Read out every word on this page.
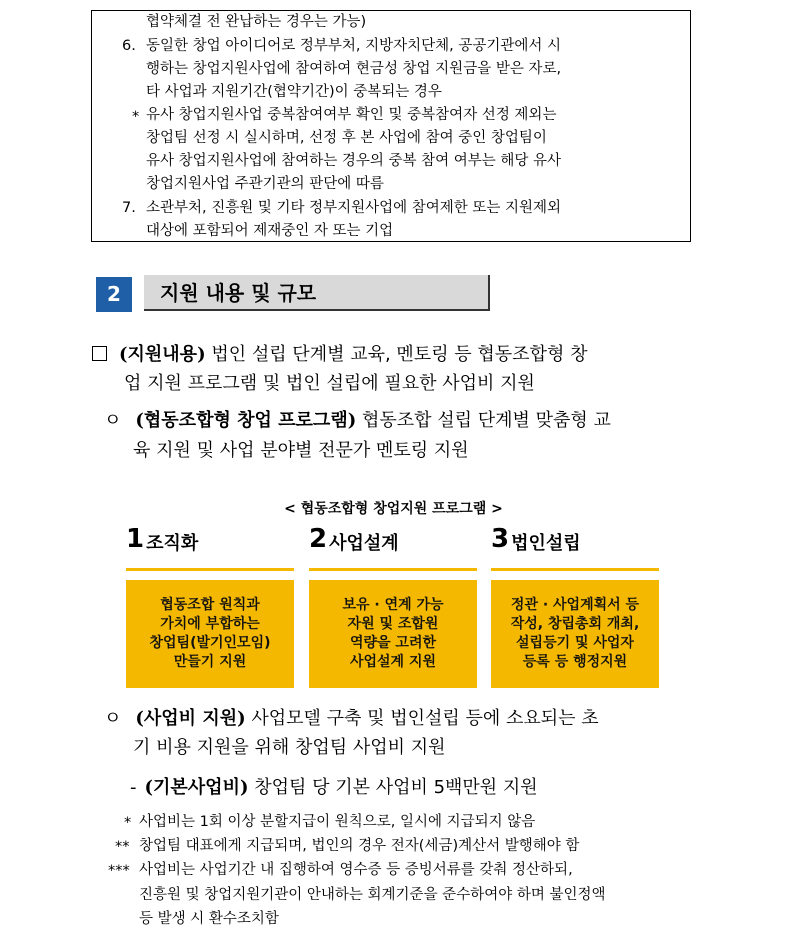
협약체결 전 완납하는 경우는 가능)
6. 동일한 창업 아이디어로 정부부처, 지방자치단체, 공공기관에서 시
행하는 창업지원사업에 참여하여 현금성 창업 지원금을 받은 자로,
타 사업과 지원기간(협약기간)이 중복되는 경우
* 유사 창업지원사업 중복참여여부 확인 및 중복참여자 선정 제외는
창업팀 선정 시 실시하며, 선정 후 본 사업에 참여 중인 창업팀이
유사 창업지원사업에 참여하는 경우의 중복 참여 여부는 해당 유사
창업지원사업 주관기관의 판단에 따름
7. 소관부처, 진흥원 및 기타 정부지원사업에 참여제한 또는 지원제외
대상에 포함되어 제재중인 자 또는 기업
2	지원 내용 및 규모
(지원내용) 법인 설립 단계별 교육, 멘토링 등 협동조합형 창
업 지원 프로그램 및 법인 설립에 필요한 사업비 지원
ㅇ (협동조합형 창업 프로그램) 협동조합 설립 단계별 맞춤형 교
육 지원 및 사업 분야별 전문가 멘토링 지원
< 협동조합형 창업지원 프로그램 >
1 조직화	2 사업설계	3 법인설립
협동조합 원칙과
가치에 부합하는
창업팀(발기인모임)
만들기 지원
보유 · 연계 가능
자원 및 조합원
역량을 고려한
사업설계 지원
정관 · 사업계획서 등
작성, 창립총회 개최,
설립등기 및 사업자
등록 등 행정지원
ㅇ (사업비 지원) 사업모델 구축 및 법인설립 등에 소요되는 초
기 비용 지원을 위해 창업팀 사업비 지원
- (기본사업비) 창업팀 당 기본 사업비 5백만원 지원
* 사업비는 1회 이상 분할지급이 원칙으로, 일시에 지급되지 않음
** 창업팀 대표에게 지급되며, 법인의 경우 전자(세금)계산서 발행해야 함
*** 사업비는 사업기간 내 집행하여 영수증 등 증빙서류를 갖춰 정산하되,
진흥원 및 창업지원기관이 안내하는 회계기준을 준수하여야 하며 불인정액
등 발생 시 환수조치함
